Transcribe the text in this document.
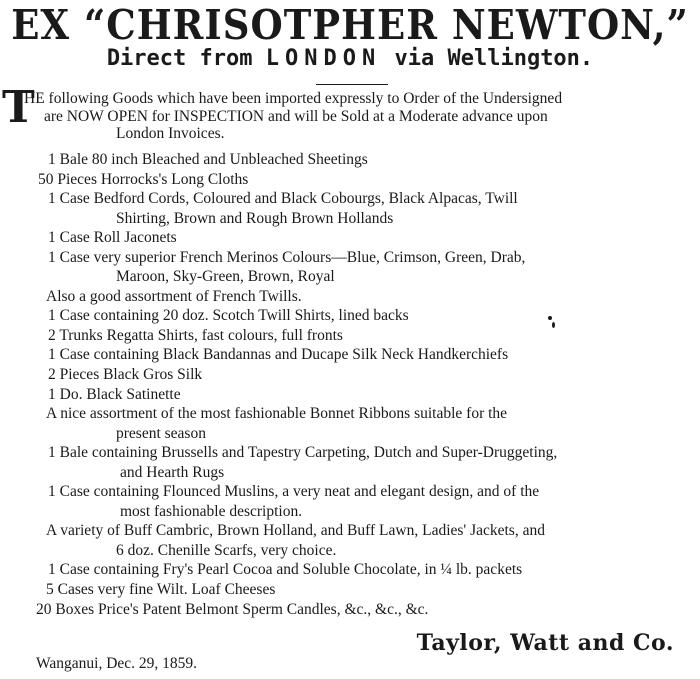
EX “CHRISOTPHER NEWTON,”
Direct from LONDON via Wellington.
T
HE following Goods which have been imported expressly to Order of the Undersigned
are NOW OPEN for INSPECTION and will be Sold at a Moderate advance upon
London Invoices.
1 Bale 80 inch Bleached and Unbleached Sheetings
50 Pieces Horrocks's Long Cloths
1 Case Bedford Cords, Coloured and Black Cobourgs, Black Alpacas, Twill
Shirting, Brown and Rough Brown Hollands
1 Case Roll Jaconets
1 Case very superior French Merinos Colours—Blue, Crimson, Green, Drab,
Maroon, Sky-Green, Brown, Royal
Also a good assortment of French Twills.
1 Case containing 20 doz. Scotch Twill Shirts, lined backs
2 Trunks Regatta Shirts, fast colours, full fronts
1 Case containing Black Bandannas and Ducape Silk Neck Handkerchiefs
2 Pieces Black Gros Silk
1 Do. Black Satinette
A nice assortment of the most fashionable Bonnet Ribbons suitable for the
present season
1 Bale containing Brussells and Tapestry Carpeting, Dutch and Super-Druggeting,
and Hearth Rugs
1 Case containing Flounced Muslins, a very neat and elegant design, and of the
most fashionable description.
A variety of Buff Cambric, Brown Holland, and Buff Lawn, Ladies' Jackets, and
6 doz. Chenille Scarfs, very choice.
1 Case containing Fry's Pearl Cocoa and Soluble Chocolate, in ¼ lb. packets
5 Cases very fine Wilt. Loaf Cheeses
20 Boxes Price's Patent Belmont Sperm Candles, &c., &c., &c.
Taylor, Watt and Co.
Wanganui, Dec. 29, 1859.
